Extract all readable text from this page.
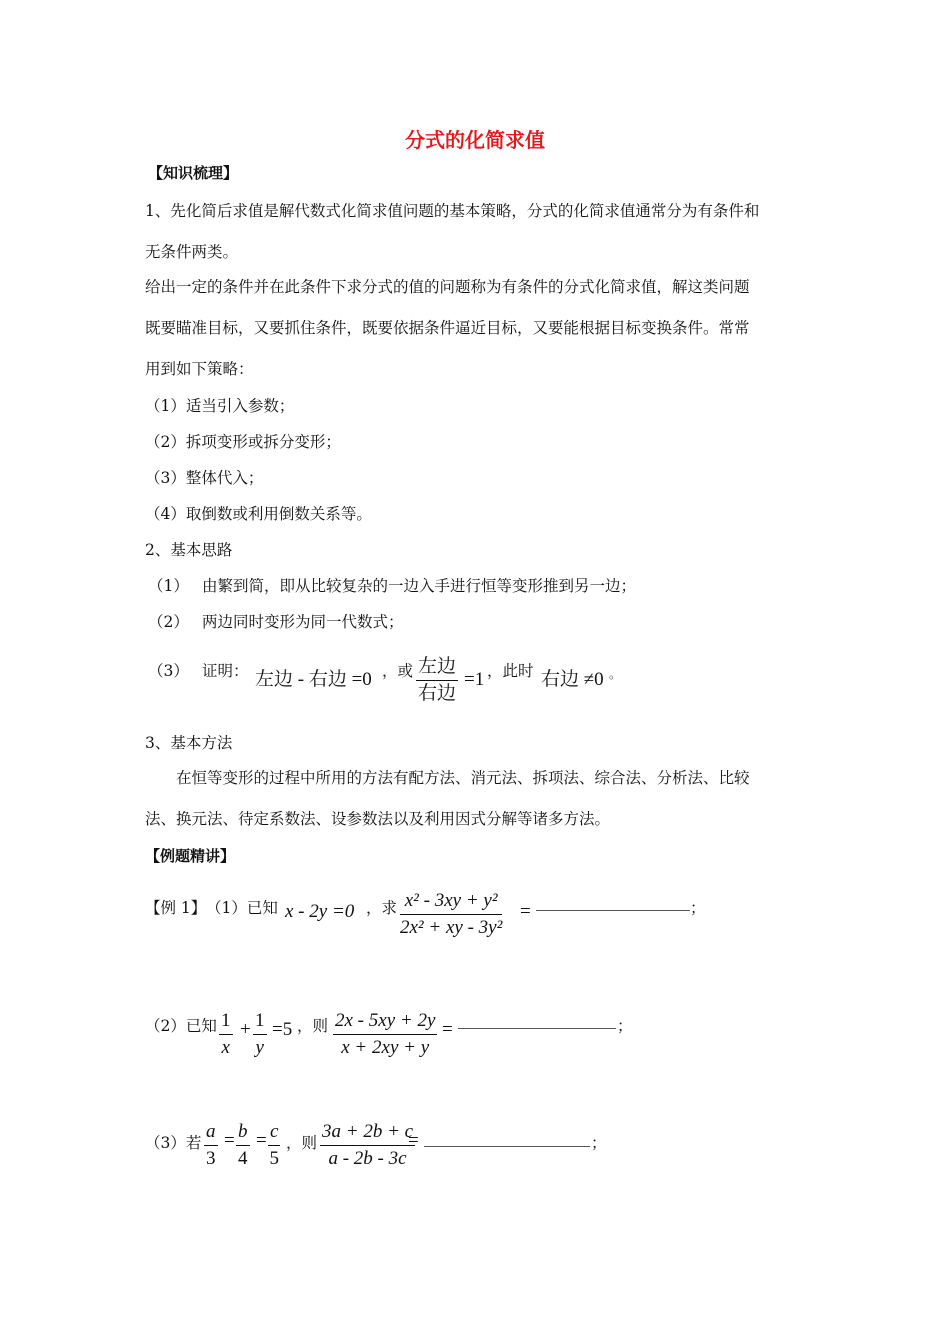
分式的化简求值
【知识梳理】
1、先化简后求值是解代数式化简求值问题的基本策略，分式的化简求值通常分为有条件和
无条件两类。
给出一定的条件并在此条件下求分式的值的问题称为有条件的分式化简求值，解这类问题
既要瞄准目标，又要抓住条件，既要依据条件逼近目标，又要能根据目标变换条件。常常
用到如下策略：
（1）适当引入参数；
（2）拆项变形或拆分变形；
（3）整体代入；
（4）取倒数或利用倒数关系等。
2、基本思路
（1） 由繁到简，即从比较复杂的一边入手进行恒等变形推到另一边；
（2） 两边同时变形为同一代数式；
（3） 证明： 左边 - 右边 =0 ，或 左边
右边
=1 ，此时 右边 ≠0 。
3、基本方法
在恒等变形的过程中所用的方法有配方法、消元法、拆项法、综合法、分析法、比较
法、换元法、待定系数法、设参数法以及利用因式分解等诸多方法。
【例题精讲】
【例 1】 （1）已知 x - 2y =0 ，求 $\frac{\text{x² - 3xy + y²}}{\text{2x² + xy - 3y²}}$ =	；
（2）已知 $\frac{1}{x} + \frac{1}{y} =5$ ，则 $\frac{2x - 5xy + 2y}{x + 2xy + y}$ =	；
（3）若 $\frac{a}{3} = \frac{b}{4} = \frac{c}{5}$ ，则 $\frac{3a + 2b + c}{a - 2b - 3c}$
=	；
